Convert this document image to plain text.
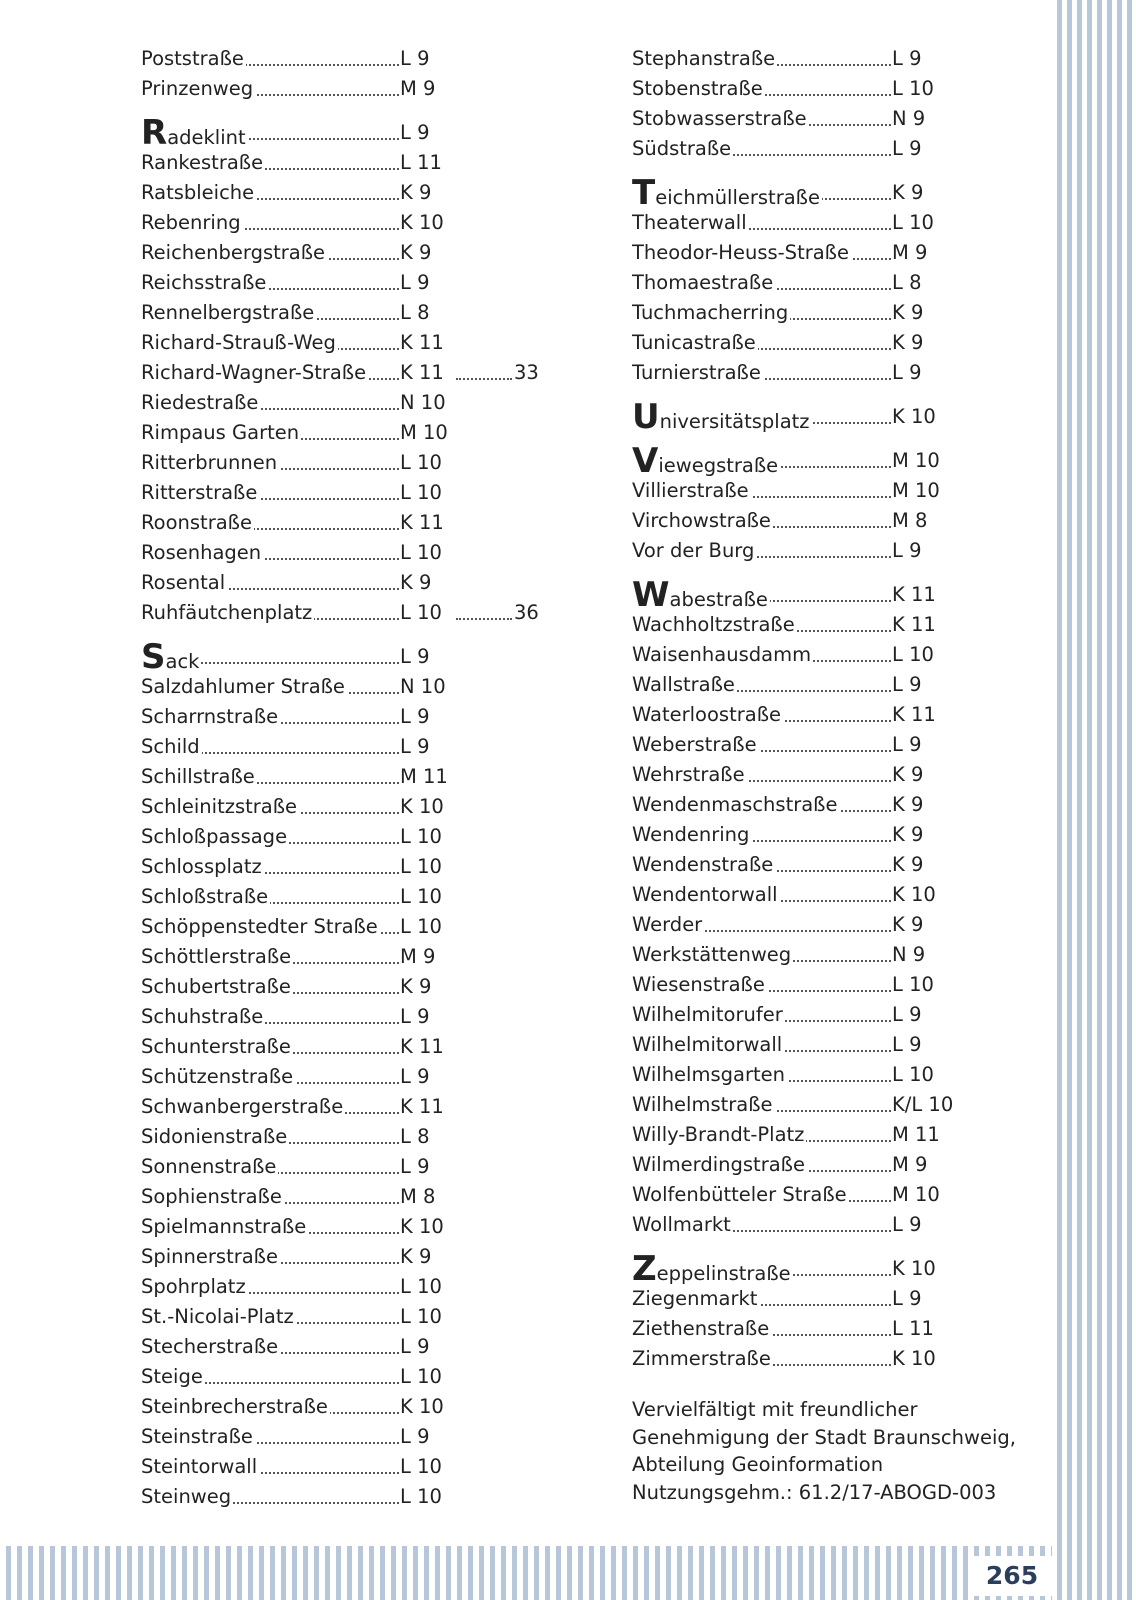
265
Poststraße	L 9
Prinzenweg	M 9
Radeklint	L 9
Rankestraße	L 11
Ratsbleiche	K 9
Rebenring	K 10
Reichenbergstraße	K 9
Reichsstraße	L 9
Rennelbergstraße	L 8
Richard-Strauß-Weg	K 11
Richard-Wagner-Straße	K 11	33
Riedestraße	N 10
Rimpaus Garten	M 10
Ritterbrunnen	L 10
Ritterstraße	L 10
Roonstraße	K 11
Rosenhagen	L 10
Rosental	K 9
Ruhfäutchenplatz	L 10	36
Sack	L 9
Salzdahlumer Straße	N 10
Scharrnstraße	L 9
Schild	L 9
Schillstraße	M 11
Schleinitzstraße	K 10
Schloßpassage	L 10
Schlossplatz	L 10
Schloßstraße	L 10
Schöppenstedter Straße	L 10
Schöttlerstraße	M 9
Schubertstraße	K 9
Schuhstraße	L 9
Schunterstraße	K 11
Schützenstraße	L 9
Schwanbergerstraße	K 11
Sidonienstraße	L 8
Sonnenstraße	L 9
Sophienstraße	M 8
Spielmannstraße	K 10
Spinnerstraße	K 9
Spohrplatz	L 10
St.-Nicolai-Platz	L 10
Stecherstraße	L 9
Steige	L 10
Steinbrecherstraße	K 10
Steinstraße	L 9
Steintorwall	L 10
Steinweg	L 10
Stephanstraße	L 9
Stobenstraße	L 10
Stobwasserstraße	N 9
Südstraße	L 9
Teichmüllerstraße	K 9
Theaterwall	L 10
Theodor-Heuss-Straße	M 9
Thomaestraße	L 8
Tuchmacherring	K 9
Tunicastraße	K 9
Turnierstraße	L 9
Universitätsplatz	K 10
Viewegstraße	M 10
Villierstraße	M 10
Virchowstraße	M 8
Vor der Burg	L 9
Wabestraße	K 11
Wachholtzstraße	K 11
Waisenhausdamm	L 10
Wallstraße	L 9
Waterloostraße	K 11
Weberstraße	L 9
Wehrstraße	K 9
Wendenmaschstraße	K 9
Wendenring	K 9
Wendenstraße	K 9
Wendentorwall	K 10
Werder	K 9
Werkstättenweg	N 9
Wiesenstraße	L 10
Wilhelmitorufer	L 9
Wilhelmitorwall	L 9
Wilhelmsgarten	L 10
Wilhelmstraße	K/L 10
Willy-Brandt-Platz	M 11
Wilmerdingstraße	M 9
Wolfenbütteler Straße	M 10
Wollmarkt	L 9
Zeppelinstraße	K 10
Ziegenmarkt	L 9
Ziethenstraße	L 11
Zimmerstraße	K 10
Vervielfältigt mit freundlicher
Genehmigung der Stadt Braunschweig,
Abteilung Geoinformation
Nutzungsgehm.: 61.2/17-ABOGD-003
